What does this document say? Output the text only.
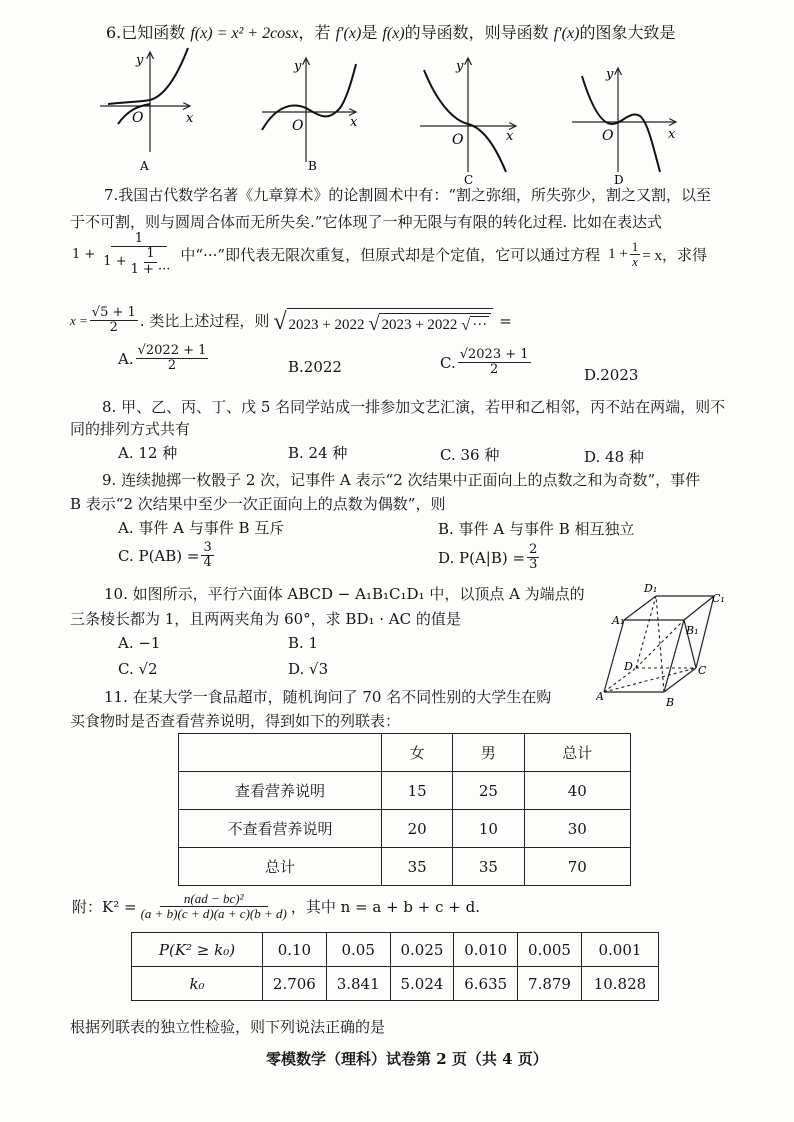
6.已知函数 f(x) = x² + 2cosx，若 f′(x)是 f(x)的导函数，则导函数 f′(x)的图象大致是
y
x
O
A
y
x
O
B
y
x
O
C
y
x
O
D
7.我国古代数学名著《九章算术》的论割圆术中有：“割之弥细，所失弥少，割之又割，以至
于不可割，则与圆周合体而无所失矣.”它体现了一种无限与有限的转化过程. 比如在表达式
$1 + \frac{1}{1 + \frac{1}{1 + \cdot\cdot\cdot}}$ 中“···”即代表无限次重复，但原式却是个定值，它可以通过方程 $1 + \frac{1}{x} = x$，求得
$x = \frac{√5 + 1}{2}$ . 类比上述过程，则 √ 2023 + 2022 √ 2023 + 2022 √ ··· =
A. $\frac{√2022 + 1}{2}$	B.2022	C. $\frac{√2023 + 1}{2}$	D.2023
8. 甲、乙、丙、丁、戊 5 名同学站成一排参加文艺汇演，若甲和乙相邻，丙不站在两端，则不
同的排列方式共有
A. 12 种	B. 24 种	C. 36 种	D. 48 种
9. 连续抛掷一枚骰子 2 次，记事件 A 表示“2 次结果中正面向上的点数之和为奇数”，事件
B 表示“2 次结果中至少一次正面向上的点数为偶数”，则
A. 事件 A 与事件 B 互斥	B. 事件 A 与事件 B 相互独立
C. $P(AB) = \frac{3}{4}$	D. $P(A|B) = \frac{2}{3}$
10. 如图所示，平行六面体 ABCD − A₁B₁C₁D₁ 中，以顶点 A 为端点的
三条棱长都为 1，且两两夹角为 60°，求 BD₁ · AC 的值是
A. −1	B. 1
C. √2	D. √3
A	B
C
D
A₁
B₁
C₁
D₁
11. 在某大学一食品超市，随机询问了 70 名不同性别的大学生在购
买食物时是否查看营养说明，得到如下的列联表：
	女	男	总计
查看营养说明	15	25	40
不查看营养说明	20	10	30
总计	35	35	70
附：$K^2 = \frac{\text{n(ad − bc)²}}{(a + b)(c + d)(a + c)(b + d)}$ ，其中 n = a + b + c + d.
P(K² ≥ k₀)	0.10	0.05	0.025	0.010	0.005	0.001
k₀	2.706	3.841	5.024	6.635	7.879	10.828
根据列联表的独立性检验，则下列说法正确的是
零模数学（理科）试卷第 2 页（共 4 页）
